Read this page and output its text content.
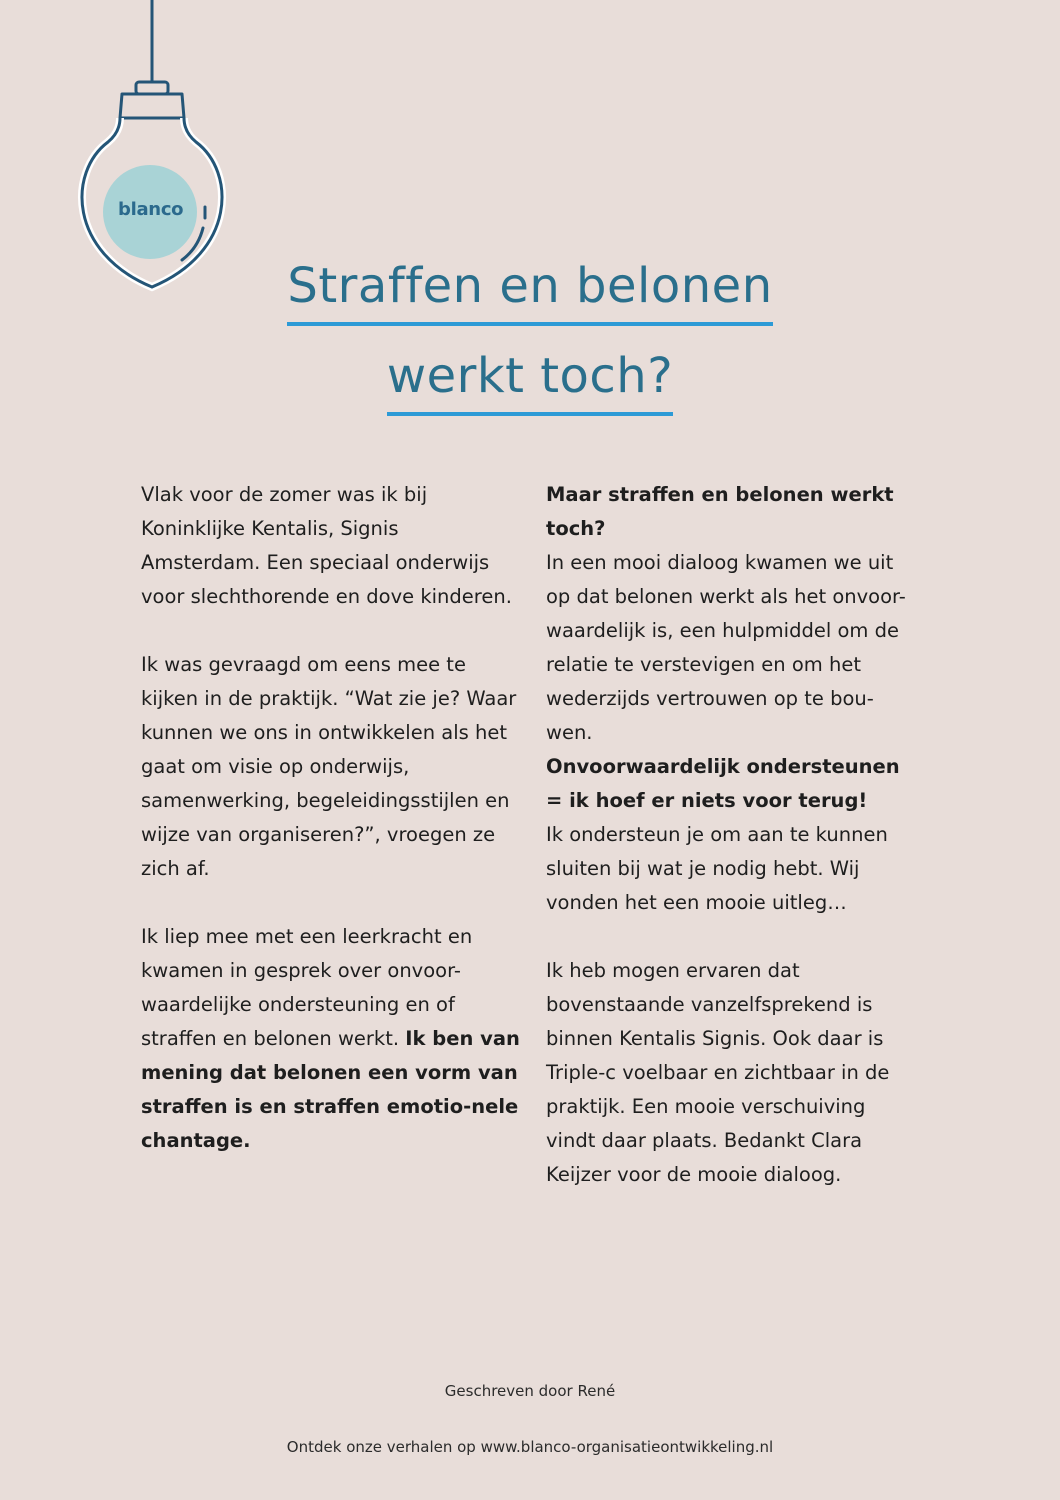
blanco
Straffen en belonen
werkt toch?

Vlak voor de zomer was ik bij Koninklijke Kentalis, Signis Amsterdam. Een speciaal onderwijs voor slechthorende en dove kinderen.

Ik was gevraagd om eens mee te kijken in de praktijk. “Wat zie je? Waar kunnen we ons in ontwikkelen als het gaat om visie op onderwijs, samenwerking, begeleidingsstijlen en wijze van organiseren?”, vroegen ze zich af.

Ik liep mee met een leerkracht en kwamen in gesprek over onvoor-waardelijke ondersteuning en of straffen en belonen werkt. Ik ben van mening dat belonen een vorm van straffen is en straffen emotio-nele chantage.

Maar straffen en belonen werkt toch?

In een mooi dialoog kwamen we uit op dat belonen werkt als het onvoor-waardelijk is, een hulpmiddel om de relatie te verstevigen en om het wederzijds vertrouwen op te bou-wen.

Onvoorwaardelijk ondersteunen = ik hoef er niets voor terug!

Ik ondersteun je om aan te kunnen sluiten bij wat je nodig hebt. Wij vonden het een mooie uitleg…

Ik heb mogen ervaren dat bovenstaande vanzelfsprekend is binnen Kentalis Signis. Ook daar is Triple-c voelbaar en zichtbaar in de praktijk. Een mooie verschuiving vindt daar plaats. Bedankt Clara Keijzer voor de mooie dialoog.

Geschreven door René
Ontdek onze verhalen op www.blanco-organisatieontwikkeling.nl
